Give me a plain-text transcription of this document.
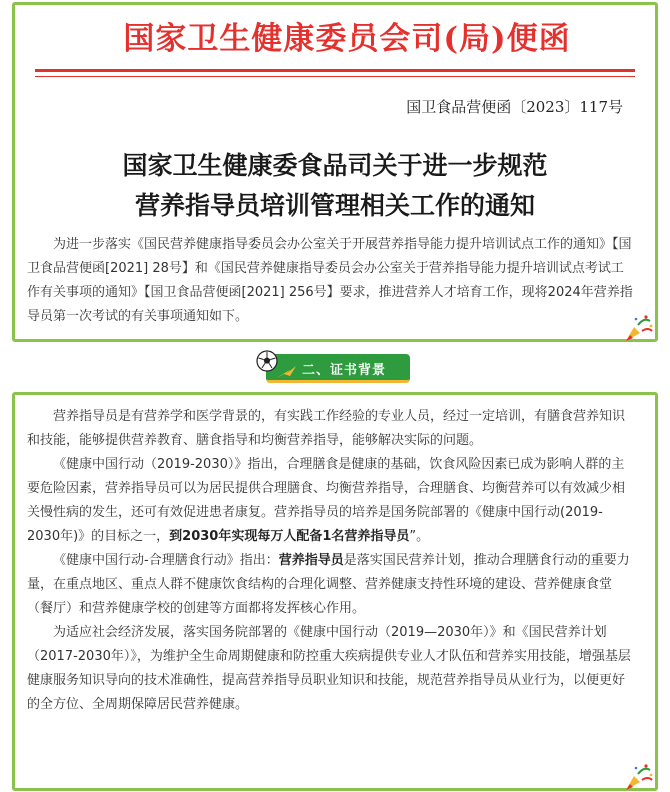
国家卫生健康委员会司(局)便函
国卫食品营便函〔2023〕117号
国家卫生健康委食品司关于进一步规范
营养指导员培训管理相关工作的通知

为进一步落实《国民营养健康指导委员会办公室关于开展营养指导能力提升培训试点工作的通知》【国卫食品营便函[2021] 28号】和《国民营养健康指导委员会办公室关于营养指导能力提升培训试点考试工作有关事项的通知》【国卫食品营便函[2021] 256号】要求，推进营养人才培育工作，现将2024年营养指导员第一次考试的有关事项通知如下。

二、证书背景

营养指导员是有营养学和医学背景的，有实践工作经验的专业人员，经过一定培训，有膳食营养知识和技能，能够提供营养教育、膳食指导和均衡营养指导，能够解决实际的问题。

《健康中国行动（2019-2030）》指出，合理膳食是健康的基础，饮食风险因素已成为影响人群的主要危险因素，营养指导员可以为居民提供合理膳食、均衡营养指导，合理膳食、均衡营养可以有效减少相关慢性病的发生，还可有效促进患者康复。营养指导员的培养是国务院部署的《健康中国行动(2019-2030年)》的目标之一，到2030年实现每万人配备1名营养指导员”。

《健康中国行动-合理膳食行动》指出：营养指导员是落实国民营养计划，推动合理膳食行动的重要力量，在重点地区、重点人群不健康饮食结构的合理化调整、营养健康支持性环境的建设、营养健康食堂（餐厅）和营养健康学校的创建等方面都将发挥核心作用。

为适应社会经济发展，落实国务院部署的《健康中国行动（2019—2030年）》和《国民营养计划（2017-2030年）》，为维护全生命周期健康和防控重大疾病提供专业人才队伍和营养实用技能，增强基层健康服务知识导向的技术准确性，提高营养指导员职业知识和技能，规范营养指导员从业行为，以便更好的全方位、全周期保障居民营养健康。
